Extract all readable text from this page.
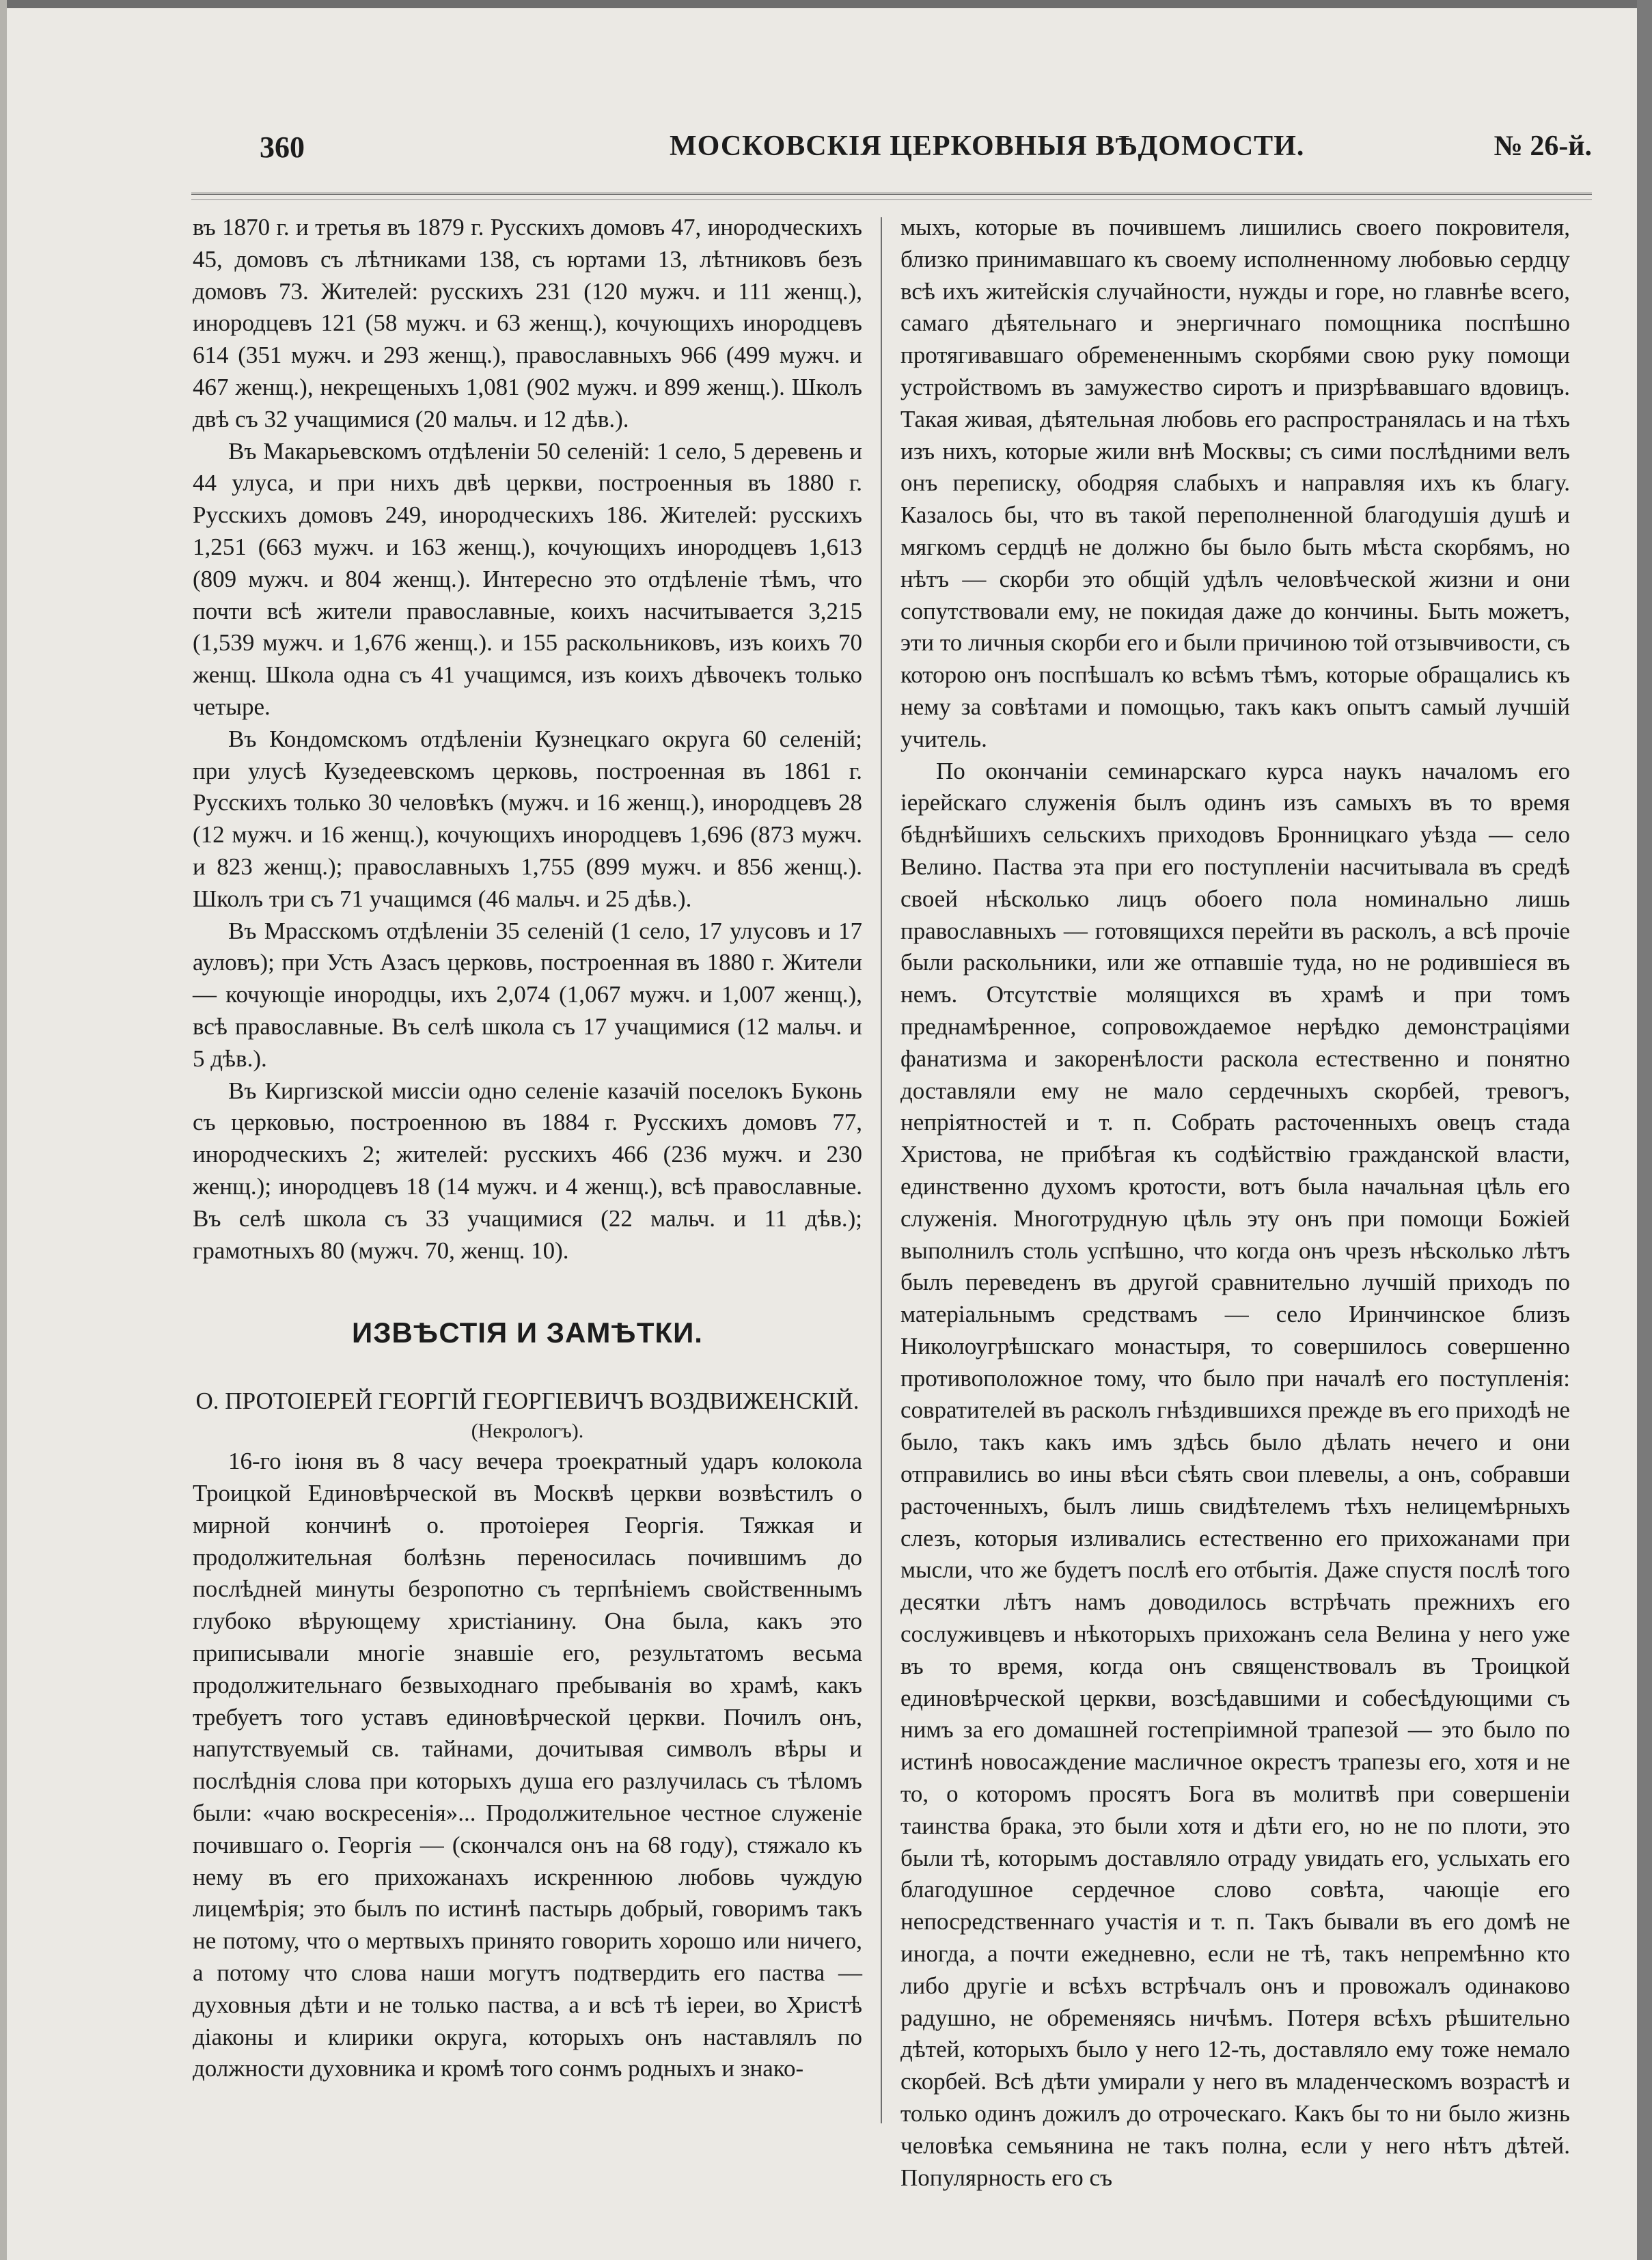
360	МОСКОВСКІЯ ЦЕРКОВНЫЯ ВѢДОМОСТИ.	№ 26-й.

въ 1870 г. и третья въ 1879 г. Русскихъ домовъ 47, инородческихъ 45, домовъ съ лѣтниками 138, съ юртами 13, лѣтниковъ безъ домовъ 73. Жителей: русскихъ 231 (120 мужч. и 111 женщ.), инородцевъ 121 (58 мужч. и 63 женщ.), кочующихъ инородцевъ 614 (351 мужч. и 293 женщ.), православныхъ 966 (499 мужч. и 467 женщ.), некрещеныхъ 1,081 (902 мужч. и 899 женщ.). Школъ двѣ съ 32 учащимися (20 мальч. и 12 дѣв.).

Въ Макарьевскомъ отдѣленіи 50 селеній: 1 село, 5 деревень и 44 улуса, и при нихъ двѣ церкви, построенныя въ 1880 г. Русскихъ домовъ 249, инородческихъ 186. Жителей: русскихъ 1,251 (663 мужч. и 163 женщ.), кочующихъ инородцевъ 1,613 (809 мужч. и 804 женщ.). Интересно это отдѣленіе тѣмъ, что почти всѣ жители православные, коихъ насчитывается 3,215 (1,539 мужч. и 1,676 женщ.). и 155 раскольниковъ, изъ коихъ 70 женщ. Школа одна съ 41 учащимся, изъ коихъ дѣвочекъ только четыре.

Въ Кондомскомъ отдѣленіи Кузнецкаго округа 60 селеній; при улусѣ Кузедеевскомъ церковь, построенная въ 1861 г. Русскихъ только 30 человѣкъ (мужч. и 16 женщ.), инородцевъ 28 (12 мужч. и 16 женщ.), кочующихъ инородцевъ 1,696 (873 мужч. и 823 женщ.); православныхъ 1,755 (899 мужч. и 856 женщ.). Школъ три съ 71 учащимся (46 мальч. и 25 дѣв.).

Въ Мрасскомъ отдѣленіи 35 селеній (1 село, 17 улусовъ и 17 ауловъ); при Усть Азасъ церковь, построенная въ 1880 г. Жители — кочующіе инородцы, ихъ 2,074 (1,067 мужч. и 1,007 женщ.), всѣ православные. Въ селѣ школа съ 17 учащимися (12 мальч. и 5 дѣв.).

Въ Киргизской миссіи одно селеніе казачій поселокъ Буконь съ церковью, построенною въ 1884 г. Русскихъ домовъ 77, инородческихъ 2; жителей: русскихъ 466 (236 мужч. и 230 женщ.); инородцевъ 18 (14 мужч. и 4 женщ.), всѣ православные. Въ селѣ школа съ 33 учащимися (22 мальч. и 11 дѣв.); грамотныхъ 80 (мужч. 70, женщ. 10).

ИЗВѢСТІЯ И ЗАМѢТКИ.

О. ПРОТОІЕРЕЙ ГЕОРГІЙ ГЕОРГІЕВИЧЪ ВОЗДВИЖЕНСКІЙ.

(Некрологъ).

16-го іюня въ 8 часу вечера троекратный ударъ колокола Троицкой Единовѣрческой въ Москвѣ церкви возвѣстилъ о мирной кончинѣ о. протоіерея Георгія. Тяжкая и продолжительная болѣзнь переносилась почившимъ до послѣдней минуты безропотно съ терпѣніемъ свойственнымъ глубоко вѣрующему христіанину. Она была, какъ это приписывали многіе знавшіе его, результатомъ весьма продолжительнаго безвыходнаго пребыванія во храмѣ, какъ требуетъ того уставъ единовѣрческой церкви. Почилъ онъ, напутствуемый св. тайнами, дочитывая символъ вѣры и послѣднія слова при которыхъ душа его разлучилась съ тѣломъ были: «чаю воскресенія»... Продолжительное честное служеніе почившаго о. Георгія — (скончался онъ на 68 году), стяжало къ нему въ его прихожанахъ искреннюю любовь чуждую лицемѣрія; это былъ по истинѣ пастырь добрый, говоримъ такъ не потому, что о мертвыхъ принято говорить хорошо или ничего, а потому что слова наши могутъ подтвердить его паства — духовныя дѣти и не только паства, а и всѣ тѣ іереи, во Христѣ діаконы и клирики округа, которыхъ онъ наставлялъ по должности духовника и кромѣ того сонмъ родныхъ и знако-

мыхъ, которые въ почившемъ лишились своего покровителя, близко принимавшаго къ своему исполненному любовью сердцу всѣ ихъ житейскія случайности, нужды и горе, но главнѣе всего, самаго дѣятельнаго и энергичнаго помощника поспѣшно протягивавшаго обремененнымъ скорбями свою руку помощи устройствомъ въ замужество сиротъ и призрѣвавшаго вдовицъ. Такая живая, дѣятельная любовь его распространялась и на тѣхъ изъ нихъ, которые жили внѣ Москвы; съ сими послѣдними велъ онъ переписку, ободряя слабыхъ и направляя ихъ къ благу. Казалось бы, что въ такой переполненной благодушія душѣ и мягкомъ сердцѣ не должно бы было быть мѣста скорбямъ, но нѣтъ — скорби это общій удѣлъ человѣческой жизни и они сопутствовали ему, не покидая даже до кончины. Быть можетъ, эти то личныя скорби его и были причиною той отзывчивости, съ которою онъ поспѣшалъ ко всѣмъ тѣмъ, которые обращались къ нему за совѣтами и помощью, такъ какъ опытъ самый лучшій учитель.

По окончаніи семинарскаго курса наукъ началомъ его іерейскаго служенія былъ одинъ изъ самыхъ въ то время бѣднѣйшихъ сельскихъ приходовъ Бронницкаго уѣзда — село Велино. Паства эта при его поступленіи насчитывала въ средѣ своей нѣсколько лицъ обоего пола номинально лишь православныхъ — готовящихся перейти въ расколъ, а всѣ прочіе были раскольники, или же отпавшіе туда, но не родившіеся въ немъ. Отсутствіе молящихся въ храмѣ и при томъ преднамѣренное, сопровождаемое нерѣдко демонстраціями фанатизма и закоренѣлости раскола естественно и понятно доставляли ему не мало сердечныхъ скорбей, тревогъ, непріятностей и т. п. Собрать расточенныхъ овецъ стада Христова, не прибѣгая къ содѣйствію гражданской власти, единственно духомъ кротости, вотъ была начальная цѣль его служенія. Многотрудную цѣль эту онъ при помощи Божіей выполнилъ столь успѣшно, что когда онъ чрезъ нѣсколько лѣтъ былъ переведенъ въ другой сравнительно лучшій приходъ по матеріальнымъ средствамъ — село Иринчинское близъ Николоугрѣшскаго монастыря, то совершилось совершенно противоположное тому, что было при началѣ его поступленія: совратителей въ расколъ гнѣздившихся прежде въ его приходѣ не было, такъ какъ имъ здѣсь было дѣлать нечего и они отправились во ины вѣси сѣять свои плевелы, а онъ, собравши расточенныхъ, былъ лишь свидѣтелемъ тѣхъ нелицемѣрныхъ слезъ, которыя изливались естественно его прихожанами при мысли, что же будетъ послѣ его отбытія. Даже спустя послѣ того десятки лѣтъ намъ доводилось встрѣчать прежнихъ его сослуживцевъ и нѣкоторыхъ прихожанъ села Велина у него уже въ то время, когда онъ священствовалъ въ Троицкой единовѣрческой церкви, возсѣдавшими и собесѣдующими съ нимъ за его домашней гостепріимной трапезой — это было по истинѣ новосаждение масличное окрестъ трапезы его, хотя и не то, о которомъ просятъ Бога въ молитвѣ при совершеніи таинства брака, это были хотя и дѣти его, но не по плоти, это были тѣ, которымъ доставляло отраду увидать его, услыхать его благодушное сердечное слово совѣта, чающіе его непосредственнаго участія и т. п. Такъ бывали въ его домѣ не иногда, а почти ежедневно, если не тѣ, такъ непремѣнно кто либо другіе и всѣхъ встрѣчалъ онъ и провожалъ одинаково радушно, не обременяясь ничѣмъ. Потеря всѣхъ рѣшительно дѣтей, которыхъ было у него 12-ть, доставляло ему тоже немало скорбей. Всѣ дѣти умирали у него въ младенческомъ возрастѣ и только одинъ дожилъ до отроческаго. Какъ бы то ни было жизнь человѣка семьянина не такъ полна, если у него нѣтъ дѣтей. Популярность его съ
